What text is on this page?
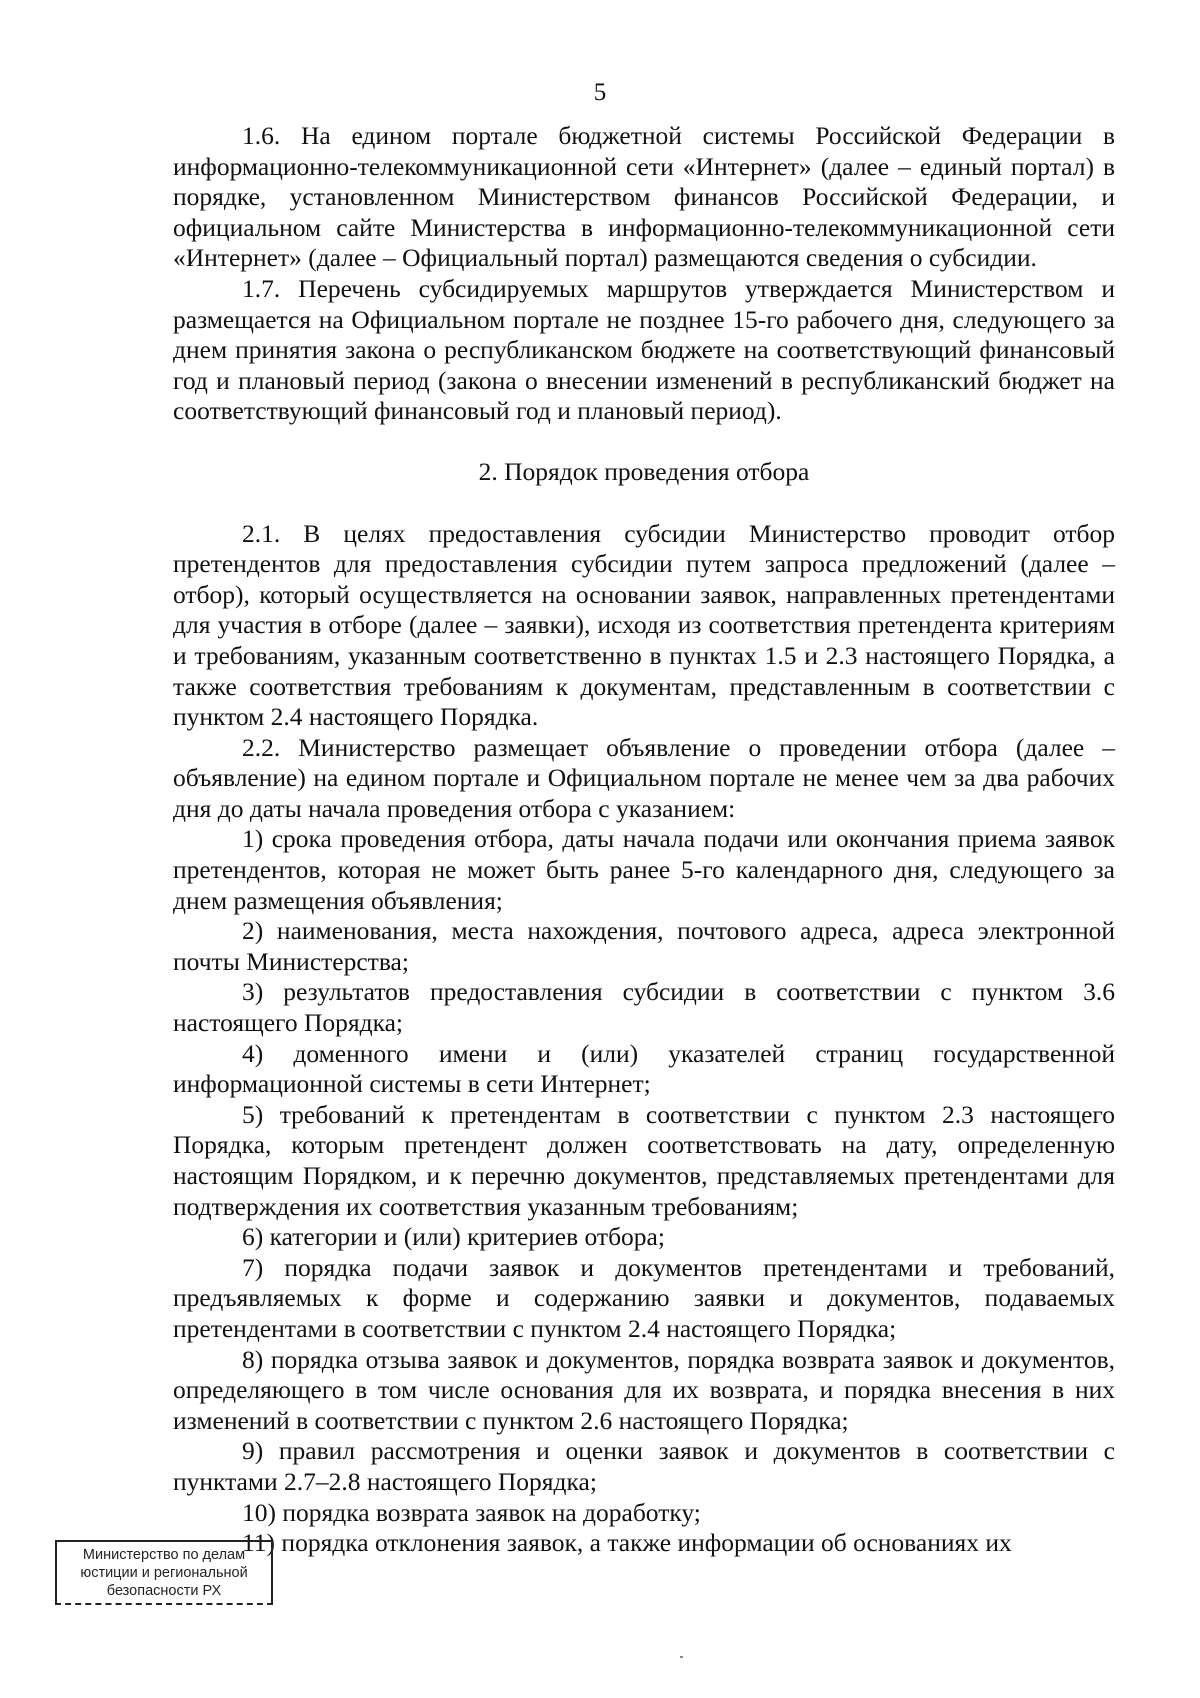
5

1.6. На едином портале бюджетной системы Российской Федерации в информационно-телекоммуникационной сети «Интернет» (далее – единый портал) в порядке, установленном Министерством финансов Российской Федерации, и официальном сайте Министерства в информационно-телекоммуникационной сети «Интернет» (далее – Официальный портал) размещаются сведения о субсидии.

1.7. Перечень субсидируемых маршрутов утверждается Министерством и размещается на Официальном портале не позднее 15-го рабочего дня, следующего за днем принятия закона о республиканском бюджете на соответствующий финансовый год и плановый период (закона о внесении изменений в республиканский бюджет на соответствующий финансовый год и плановый период).

2. Порядок проведения отбора

2.1. В целях предоставления субсидии Министерство проводит отбор претендентов для предоставления субсидии путем запроса предложений (далее – отбор), который осуществляется на основании заявок, направленных претендентами для участия в отборе (далее – заявки), исходя из соответствия претендента критериям и требованиям, указанным соответственно в пунктах 1.5 и 2.3 настоящего Порядка, а также соответствия требованиям к документам, представленным в соответствии с пунктом 2.4 настоящего Порядка.

2.2. Министерство размещает объявление о проведении отбора (далее – объявление) на едином портале и Официальном портале не менее чем за два рабочих дня до даты начала проведения отбора с указанием:

1) срока проведения отбора, даты начала подачи или окончания приема заявок претендентов, которая не может быть ранее 5-го календарного дня, следующего за днем размещения объявления;

2) наименования, места нахождения, почтового адреса, адреса электронной почты Министерства;

3) результатов предоставления субсидии в соответствии с пунктом 3.6 настоящего Порядка;

4) доменного имени и (или) указателей страниц государственной информационной системы в сети Интернет;

5) требований к претендентам в соответствии с пунктом 2.3 настоящего Порядка, которым претендент должен соответствовать на дату, определенную настоящим Порядком, и к перечню документов, представляемых претендентами для подтверждения их соответствия указанным требованиям;

6) категории и (или) критериев отбора;

7) порядка подачи заявок и документов претендентами и требований, предъявляемых к форме и содержанию заявки и документов, подаваемых претендентами в соответствии с пунктом 2.4 настоящего Порядка;

8) порядка отзыва заявок и документов, порядка возврата заявок и документов, определяющего в том числе основания для их возврата, и порядка внесения в них изменений в соответствии с пунктом 2.6 настоящего Порядка;

9) правил рассмотрения и оценки заявок и документов в соответствии с пунктами 2.7–2.8 настоящего Порядка;

10) порядка возврата заявок на доработку;

11) порядка отклонения заявок, а также информации об основаниях их

Министерство по делам
юстиции и региональной
безопасности РХ
